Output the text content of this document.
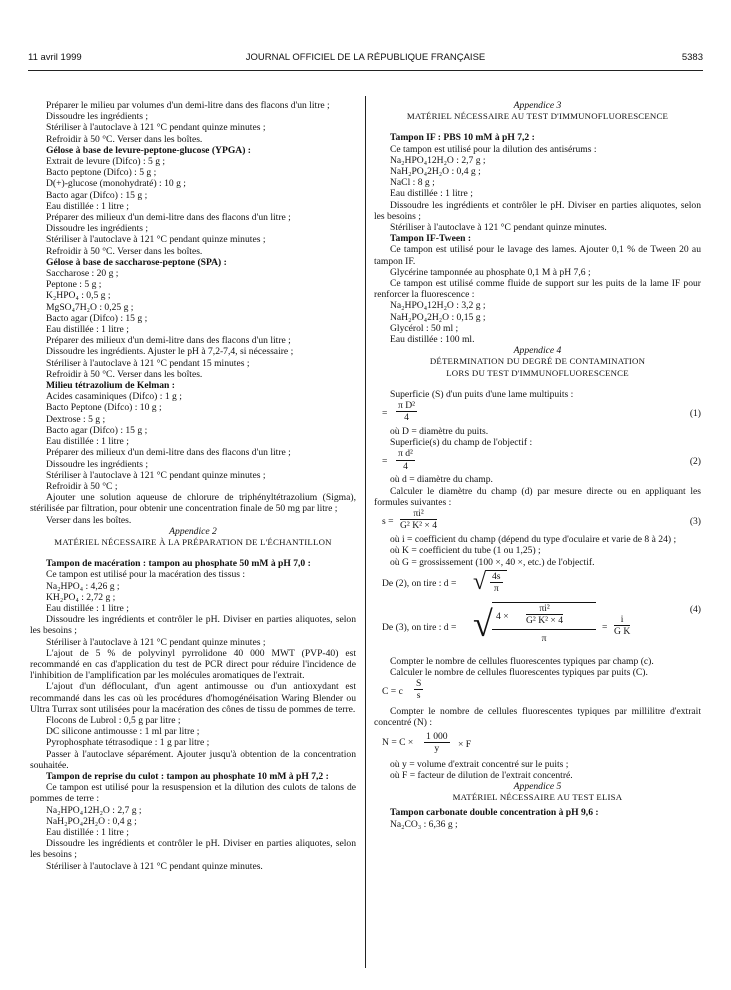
11 avril 1999	JOURNAL OFFICIEL DE LA RÉPUBLIQUE FRANÇAISE	5383

Préparer le milieu par volumes d'un demi-litre dans des flacons d'un litre ;

Dissoudre les ingrédients ;
Stériliser à l'autoclave à 121 °C pendant quinze minutes ;
Refroidir à 50 °C. Verser dans les boîtes.
Gélose à base de levure-peptone-glucose (YPGA) :
Extrait de levure (Difco) : 5 g ;
Bacto peptone (Difco) : 5 g ;
D(+)-glucose (monohydraté) : 10 g ;
Bacto agar (Difco) : 15 g ;
Eau distillée : 1 litre ;
Préparer des milieux d'un demi-litre dans des flacons d'un litre ;
Dissoudre les ingrédients ;
Stériliser à l'autoclave à 121 °C pendant quinze minutes ;
Refroidir à 50 °C. Verser dans les boîtes.
Gélose à base de saccharose-peptone (SPA) :
Saccharose : 20 g ;
Peptone : 5 g ;
K₂HPO₄ : 0,5 g ;
MgSO₄7H₂O : 0,25 g ;
Bacto agar (Difco) : 15 g ;
Eau distillée : 1 litre ;
Préparer des milieux d'un demi-litre dans des flacons d'un litre ;
Dissoudre les ingrédients. Ajuster le pH à 7,2-7,4, si nécessaire ;
Stériliser à l'autoclave à 121 °C pendant 15 minutes ;
Refroidir à 50 °C. Verser dans les boîtes.
Milieu tétrazolium de Kelman :
Acides casaminiques (Difco) : 1 g ;
Bacto Peptone (Difco) : 10 g ;
Dextrose : 5 g ;
Bacto agar (Difco) : 15 g ;
Eau distillée : 1 litre ;
Préparer des milieux d'un demi-litre dans des flacons d'un litre ;
Dissoudre les ingrédients ;
Stériliser à l'autoclave à 121 °C pendant quinze minutes ;
Refroidir à 50 °C ;

Ajouter une solution aqueuse de chlorure de triphényltétrazolium (Sigma), stérilisée par filtration, pour obtenir une concentration finale de 50 mg par litre ;

Verser dans les boîtes.
Appendice 2
MATÉRIEL NÉCESSAIRE À LA PRÉPARATION DE L'ÉCHANTILLON

Tampon de macération : tampon au phosphate 50 mM à pH 7,0 :

Ce tampon est utilisé pour la macération des tissus :
Na₂HPO₄ : 4,26 g ;
KH₂PO₄ : 2,72 g ;
Eau distillée : 1 litre ;

Dissoudre les ingrédients et contrôler le pH. Diviser en parties aliquotes, selon les besoins ;

Stériliser à l'autoclave à 121 °C pendant quinze minutes ;

L'ajout de 5 % de polyvinyl pyrrolidone 40 000 MWT (PVP-40) est recommandé en cas d'application du test de PCR direct pour réduire l'incidence de l'inhibition de l'amplification par les molécules aromatiques de l'extrait.

L'ajout d'un défloculant, d'un agent antimousse ou d'un antioxydant est recommandé dans les cas où les procédures d'homogénéisation Waring Blender ou Ultra Turrax sont utilisées pour la macération des cônes de tissu de pommes de terre.

Flocons de Lubrol : 0,5 g par litre ;
DC silicone antimousse : 1 ml par litre ;
Pyrophosphate tétrasodique : 1 g par litre ;

Passer à l'autoclave séparément. Ajouter jusqu'à obtention de la concentration souhaitée.

Tampon de reprise du culot : tampon au phosphate 10 mM à pH 7,2 :

Ce tampon est utilisé pour la resuspension et la dilution des culots de talons de pommes de terre :

Na₂HPO₄12H₂O : 2,7 g ;
NaH₂PO₄2H₂O : 0,4 g ;
Eau distillée : 1 litre ;

Dissoudre les ingrédients et contrôler le pH. Diviser en parties aliquotes, selon les besoins ;

Stériliser à l'autoclave à 121 °C pendant quinze minutes.
Appendice 3
MATÉRIEL NÉCESSAIRE AU TEST D'IMMUNOFLUORESCENCE
Tampon IF : PBS 10 mM à pH 7,2 :
Ce tampon est utilisé pour la dilution des antisérums :
Na₂HPO₄12H₂O : 2,7 g ;
NaH₂PO₄2H₂O : 0,4 g ;
NaCl : 8 g ;
Eau distillée : 1 litre ;

Dissoudre les ingrédients et contrôler le pH. Diviser en parties aliquotes, selon les besoins ;

Stériliser à l'autoclave à 121 °C pendant quinze minutes.
Tampon IF-Tween :

Ce tampon est utilisé pour le lavage des lames. Ajouter 0,1 % de Tween 20 au tampon IF.

Glycérine tamponnée au phosphate 0,1 M à pH 7,6 ;

Ce tampon est utilisé comme fluide de support sur les puits de la lame IF pour renforcer la fluorescence :

Na₂HPO₄12H₂O : 3,2 g ;
NaH₂PO₄2H₂O : 0,15 g ;
Glycérol : 50 ml ;
Eau distillée : 100 ml.
Appendice 4
DÉTERMINATION DU DEGRÉ DE CONTAMINATION
LORS DU TEST D'IMMUNOFLUORESCENCE
Superficie (S) d'un puits d'une lame multipuits :
= $\frac{\text{π D²}}{4}$	(1)
où D = diamètre du puits.
Superficie(s) du champ de l'objectif :
= $\frac{\text{π d²}}{4}$	(2)
où d = diamètre du champ.

Calculer le diamètre du champ (d) par mesure directe ou en appliquant les formules suivantes :

$s = \frac{\text{πi²}}{\text{G² K² × 4}}$	(3)
où i = coefficient du champ (dépend du type d'oculaire et varie de 8 à 24) ;
où K = coefficient du tube (1 ou 1,25) ;
où G = grossissement (100 ×, 40 ×, etc.) de l'objectif.
De (2), on tire : d = √ $\frac{4s}{\pi}$
De (3), on tire : d = √ $4 \times \frac{\text{πi²}}{\text{G² K² × 4}}$
π
= $\frac{i}{\text{G K}}$
(4)

Compter le nombre de cellules fluorescentes typiques par champ (c).

Calculer le nombre de cellules fluorescentes typiques par puits (C).

C = c $\frac{S}{s}$

Compter le nombre de cellules fluorescentes typiques par millilitre d'extrait concentré (N) :

$N = C \times \frac{1 000}{y} \times F$
où y = volume d'extrait concentré sur le puits ;
où F = facteur de dilution de l'extrait concentré.
Appendice 5
MATÉRIEL NÉCESSAIRE AU TEST ELISA
Tampon carbonate double concentration à pH 9,6 :
Na₂CO₃ : 6,36 g ;
